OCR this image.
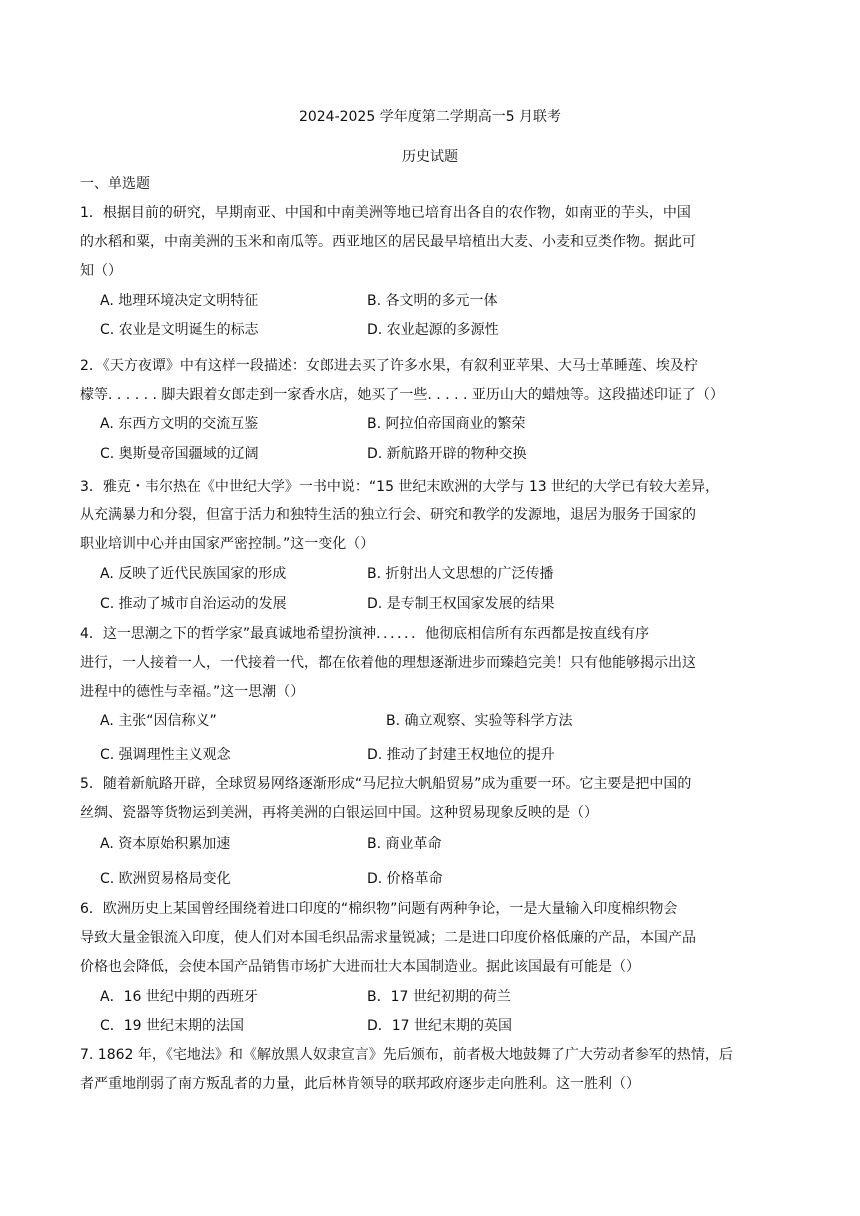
2024-2025 学年度第二学期高一5 月联考
历史试题
一、单选题
1．根据目前的研究，早期南亚、中国和中南美洲等地已培育出各自的农作物，如南亚的芋头，中国
的水稻和粟，中南美洲的玉米和南瓜等。西亚地区的居民最早培植出大麦、小麦和豆类作物。据此可
知（）
A. 地理环境决定文明特征	B. 各文明的多元一体
C. 农业是文明诞生的标志	D. 农业起源的多源性
2．《天方夜谭》中有这样一段描述：女郎进去买了许多水果，有叙利亚苹果、大马士革睡莲、埃及柠
檬等. . . . . . 脚夫跟着女郎走到一家香水店，她买了一些. . . . . 亚历山大的蜡烛等。这段描述印证了（）
A. 东西方文明的交流互鉴	B. 阿拉伯帝国商业的繁荣
C. 奥斯曼帝国疆域的辽阔	D. 新航路开辟的物种交换
3．雅克・韦尔热在《中世纪大学》一书中说：“15 世纪末欧洲的大学与 13 世纪的大学已有较大差异，
从充满暴力和分裂，但富于活力和独特生活的独立行会、研究和教学的发源地，退居为服务于国家的
职业培训中心并由国家严密控制。”这一变化（）
A. 反映了近代民族国家的形成	B. 折射出人文思想的广泛传播
C. 推动了城市自治运动的发展	D. 是专制王权国家发展的结果
4．这一思潮之下的哲学家”最真诚地希望扮演神．．．．．．他彻底相信所有东西都是按直线有序
进行，一人接着一人，一代接着一代，都在依着他的理想逐渐进步而臻趋完美！只有他能够揭示出这
进程中的德性与幸福。”这一思潮（）
A. 主张“因信称义”	B. 确立观察、实验等科学方法
C. 强调理性主义观念	D. 推动了封建王权地位的提升
5．随着新航路开辟，全球贸易网络逐渐形成“马尼拉大帆船贸易”成为重要一环。它主要是把中国的
丝绸、瓷器等货物运到美洲，再将美洲的白银运回中国。这种贸易现象反映的是（）
A. 资本原始积累加速	B. 商业革命
C. 欧洲贸易格局变化	D. 价格革命
6．欧洲历史上某国曾经围绕着进口印度的“棉织物”问题有两种争论，一是大量输入印度棉织物会
导致大量金银流入印度，使人们对本国毛织品需求量锐减；二是进口印度价格低廉的产品，本国产品
价格也会降低，会使本国产品销售市场扩大进而壮大本国制造业。据此该国最有可能是（）
A．16 世纪中期的西班牙	B．17 世纪初期的荷兰
C．19 世纪末期的法国	D．17 世纪末期的英国
7. 1862 年，《宅地法》和《解放黑人奴隶宣言》先后颁布，前者极大地鼓舞了广大劳动者参军的热情，后
者严重地削弱了南方叛乱者的力量，此后林肯领导的联邦政府逐步走向胜利。这一胜利（）
